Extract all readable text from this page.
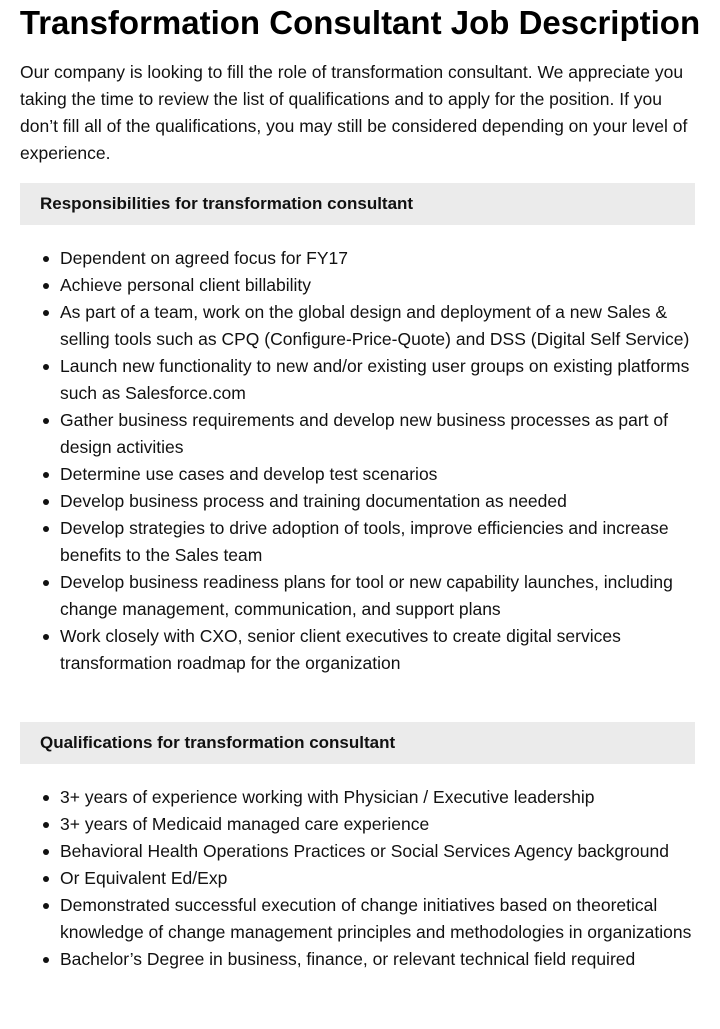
Transformation Consultant Job Description

Our company is looking to fill the role of transformation consultant. We appreciate you taking the time to review the list of qualifications and to apply for the position. If you don’t fill all of the qualifications, you may still be considered depending on your level of experience.

Responsibilities for transformation consultant
Dependent on agreed focus for FY17
Achieve personal client billability
As part of a team, work on the global design and deployment of a new Sales & selling tools such as CPQ (Configure-Price-Quote) and DSS (Digital Self Service)
Launch new functionality to new and/or existing user groups on existing platforms such as Salesforce.com
Gather business requirements and develop new business processes as part of design activities
Determine use cases and develop test scenarios
Develop business process and training documentation as needed
Develop strategies to drive adoption of tools, improve efficiencies and increase benefits to the Sales team
Develop business readiness plans for tool or new capability launches, including change management, communication, and support plans
Work closely with CXO, senior client executives to create digital services transformation roadmap for the organization
Qualifications for transformation consultant
3+ years of experience working with Physician / Executive leadership
3+ years of Medicaid managed care experience
Behavioral Health Operations Practices or Social Services Agency background
Or Equivalent Ed/Exp
Demonstrated successful execution of change initiatives based on theoretical knowledge of change management principles and methodologies in organizations
Bachelor’s Degree in business, finance, or relevant technical field required
